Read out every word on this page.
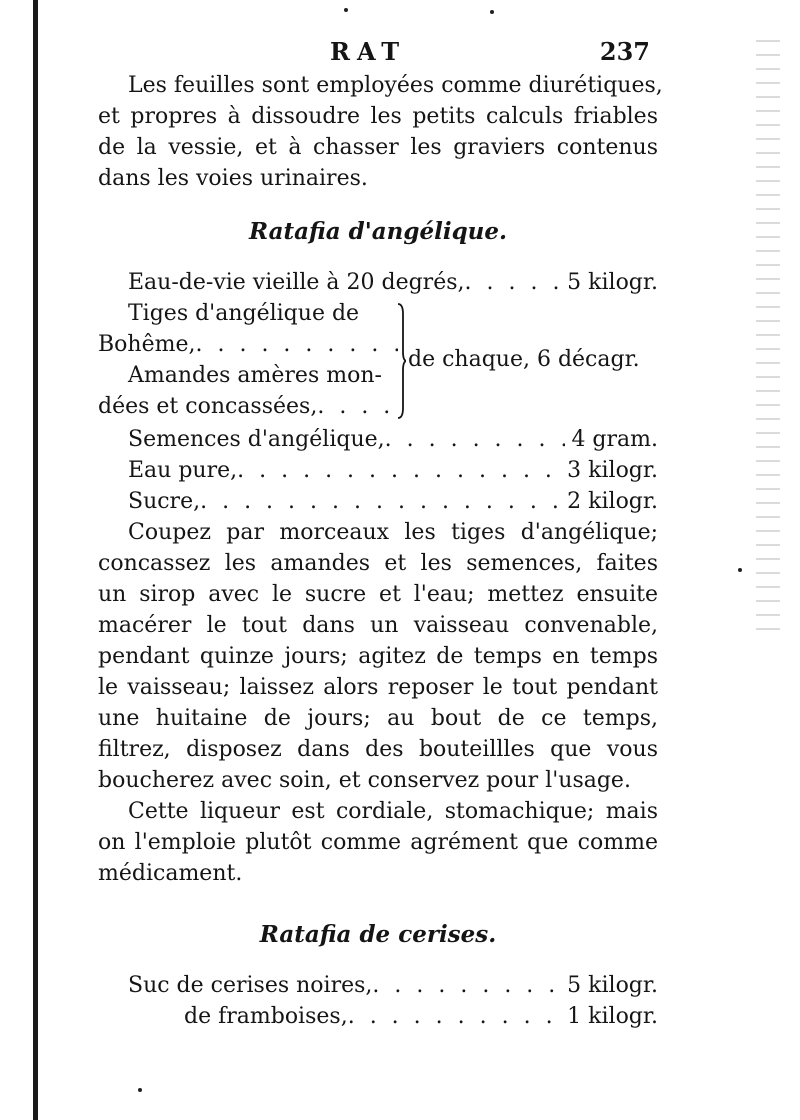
RAT	237
Les feuilles sont employées comme diurétiques,
et propres à dissoudre les petits calculs friables
de la vessie, et à chasser les graviers contenus
dans les voies urinaires.
Ratafia d'angélique.
Eau-de-vie vieille à 20 degrés, . . .	5 kilogr.
Tiges d'angélique de
Bohême,
. . .
Amandes amères mon-
dées et concassées,
. . .
de chaque, 6 décagr.
Semences d'angélique, . . .	4 gram.
Eau pure, . . .	3 kilogr.
Sucre, . . .	2 kilogr.
Coupez par morceaux les tiges d'angélique;
concassez les amandes et les semences, faites
un sirop avec le sucre et l'eau; mettez ensuite
macérer le tout dans un vaisseau convenable,
pendant quinze jours; agitez de temps en temps
le vaisseau; laissez alors reposer le tout pendant
une huitaine de jours; au bout de ce temps,
filtrez, disposez dans des bouteillles que vous
boucherez avec soin, et conservez pour l'usage.
Cette liqueur est cordiale, stomachique; mais
on l'emploie plutôt comme agrément que comme
médicament.
Ratafia de cerises.
Suc de cerises noires, . . .	5 kilogr.
de framboises, . . .	1 kilogr.
